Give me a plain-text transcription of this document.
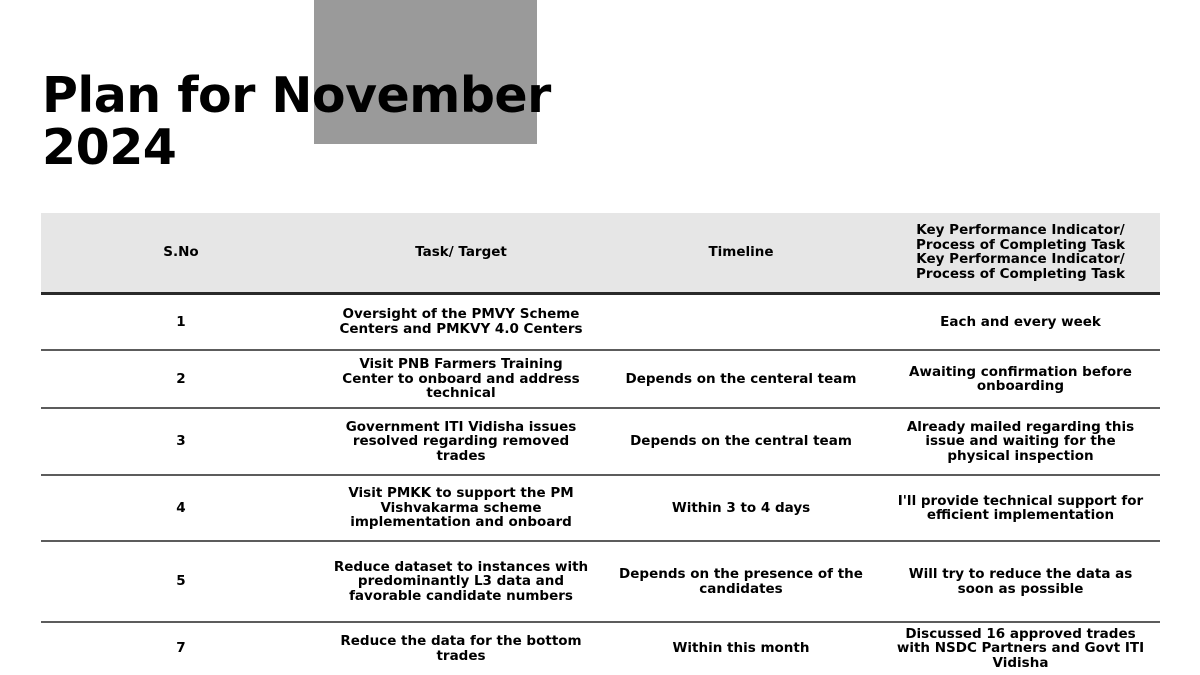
Plan for November
2024
S.No	Task/ Target	Timeline	Key Performance Indicator/ Process of Completing Task
Key Performance Indicator/ Process of Completing Task

1	Oversight of the PMVY Scheme Centers and PMKVY 4.0 Centers		Each and every week
2	Visit PNB Farmers Training Center to onboard and address technical	Depends on the centeral team	Awaiting confirmation before onboarding
3	Government ITI Vidisha issues resolved regarding removed trades	Depends on the central team	Already mailed regarding this issue and waiting for the physical inspection
4	Visit PMKK to support the PM Vishvakarma scheme implementation and onboard	Within 3 to 4 days	I'll provide technical support for efficient implementation
5	Reduce dataset to instances with predominantly L3 data and favorable candidate numbers	Depends on the presence of the candidates	Will try to reduce the data as soon as possible
7	Reduce the data for the bottom trades	Within this month	Discussed 16 approved trades with NSDC Partners and Govt ITI Vidisha
